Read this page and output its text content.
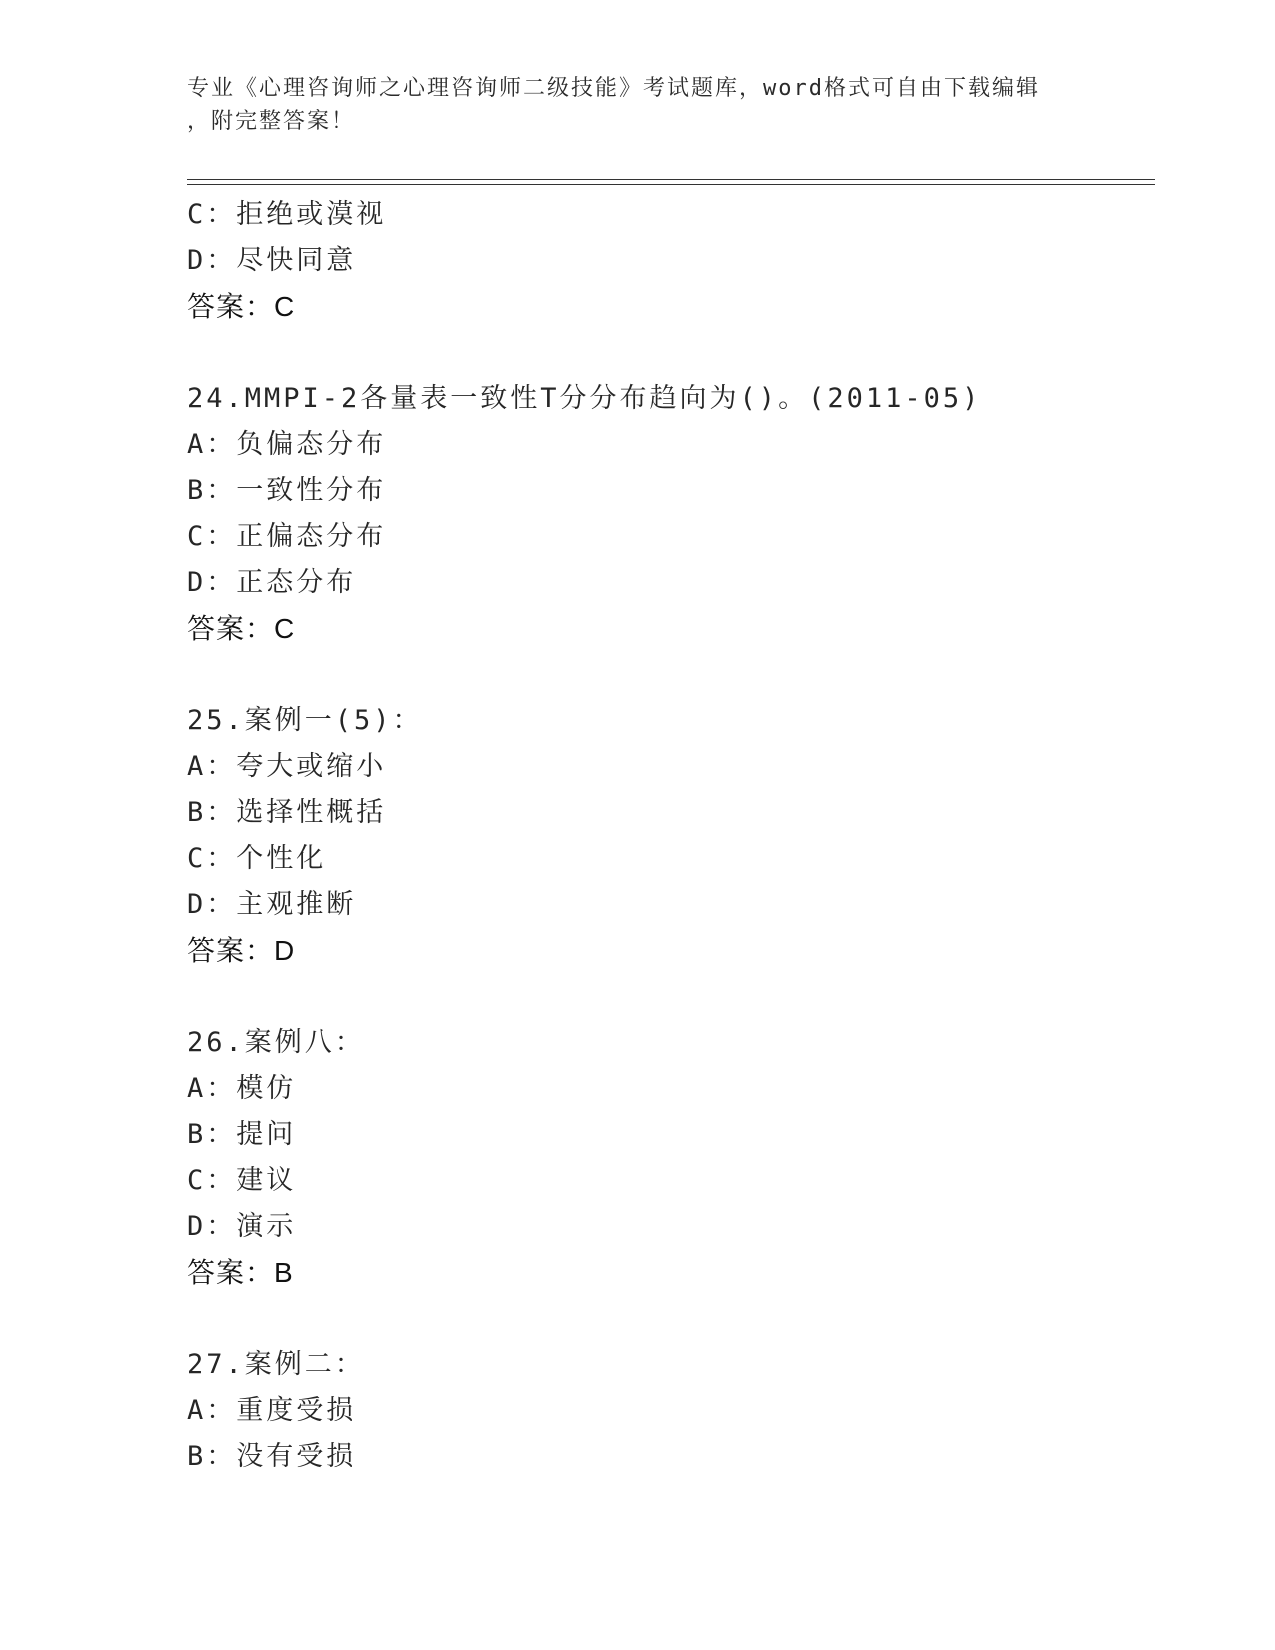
专业《心理咨询师之心理咨询师二级技能》考试题库，word格式可自由下载编辑
，附完整答案！
C：拒绝或漠视
D：尽快同意
答案：C
24.MMPI-2各量表一致性T分分布趋向为()。(2011-05)
A：负偏态分布
B：一致性分布
C：正偏态分布
D：正态分布
答案：C
25.案例一(5)：
A：夸大或缩小
B：选择性概括
C：个性化
D：主观推断
答案：D
26.案例八：
A：模仿
B：提问
C：建议
D：演示
答案：B
27.案例二：
A：重度受损
B：没有受损
